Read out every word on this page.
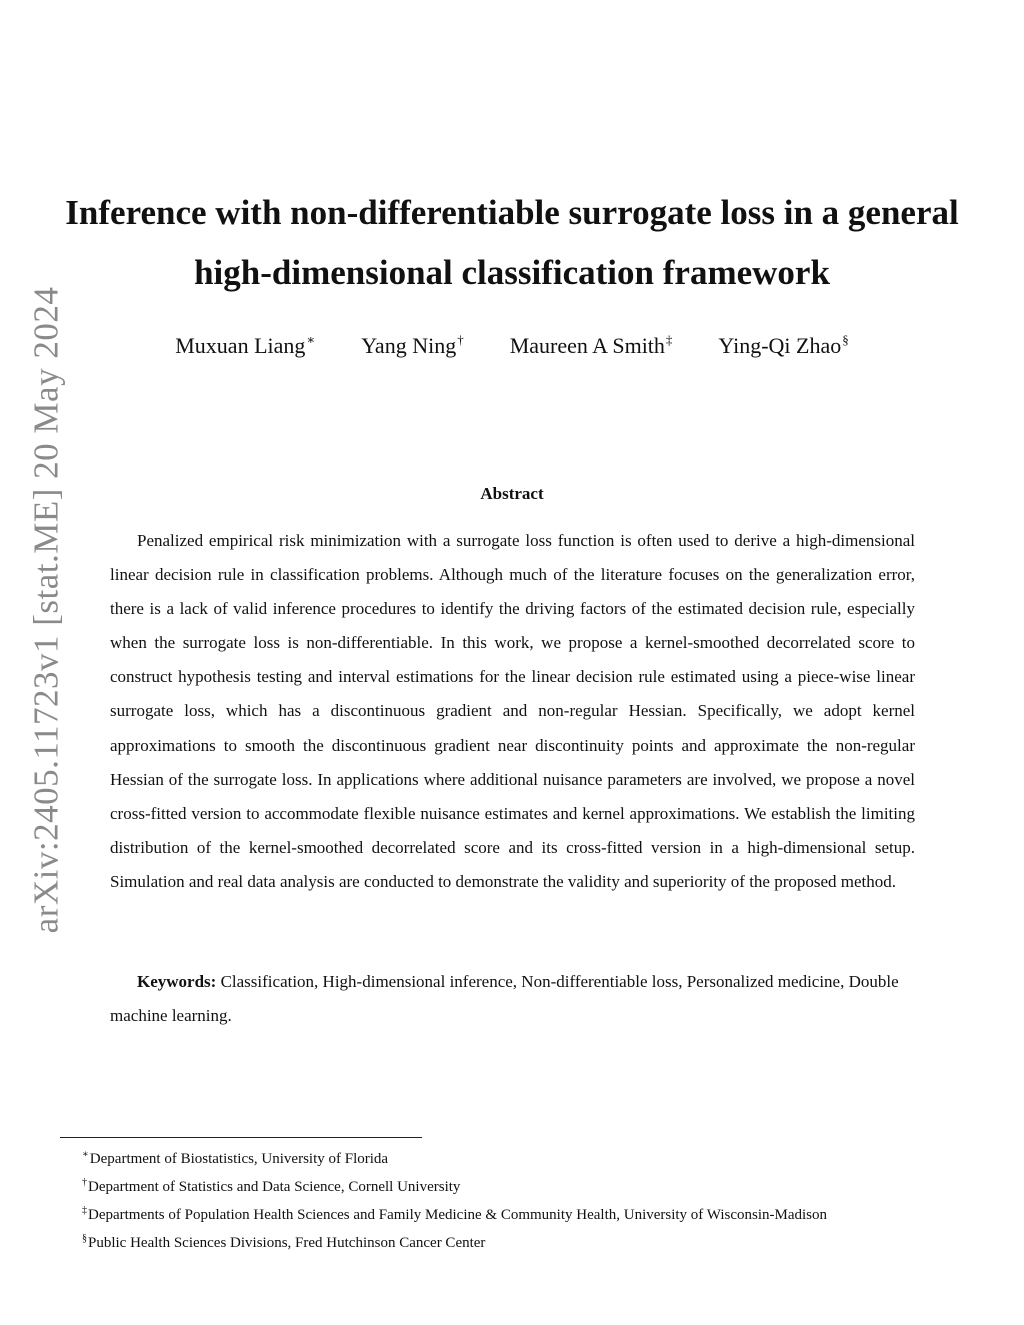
arXiv:2405.11723v1 [stat.ME] 20 May 2024
Inference with non-differentiable surrogate loss in a general high-dimensional classification framework
Muxuan Liang∗ Yang Ning† Maureen A Smith‡ Ying-Qi Zhao§
Abstract

Penalized empirical risk minimization with a surrogate loss function is often used to derive a high-dimensional linear decision rule in classification problems. Although much of the literature focuses on the generalization error, there is a lack of valid inference procedures to identify the driving factors of the estimated decision rule, especially when the surrogate loss is non-differentiable. In this work, we propose a kernel-smoothed decorrelated score to construct hypothesis testing and interval estimations for the linear decision rule estimated using a piece-wise linear surrogate loss, which has a discontinuous gradient and non-regular Hessian. Specifically, we adopt kernel approximations to smooth the discontinuous gradient near discontinuity points and approximate the non-regular Hessian of the surrogate loss. In applications where additional nuisance parameters are involved, we propose a novel cross-fitted version to accommodate flexible nuisance estimates and kernel approximations. We establish the limiting distribution of the kernel-smoothed decorrelated score and its cross-fitted version in a high-dimensional setup. Simulation and real data analysis are conducted to demonstrate the validity and superiority of the proposed method.

Keywords: Classification, High-dimensional inference, Non-differentiable loss, Personalized medicine, Double machine learning.

∗Department of Biostatistics, University of Florida
†Department of Statistics and Data Science, Cornell University
‡Departments of Population Health Sciences and Family Medicine & Community Health, University of Wisconsin-Madison
§Public Health Sciences Divisions, Fred Hutchinson Cancer Center
